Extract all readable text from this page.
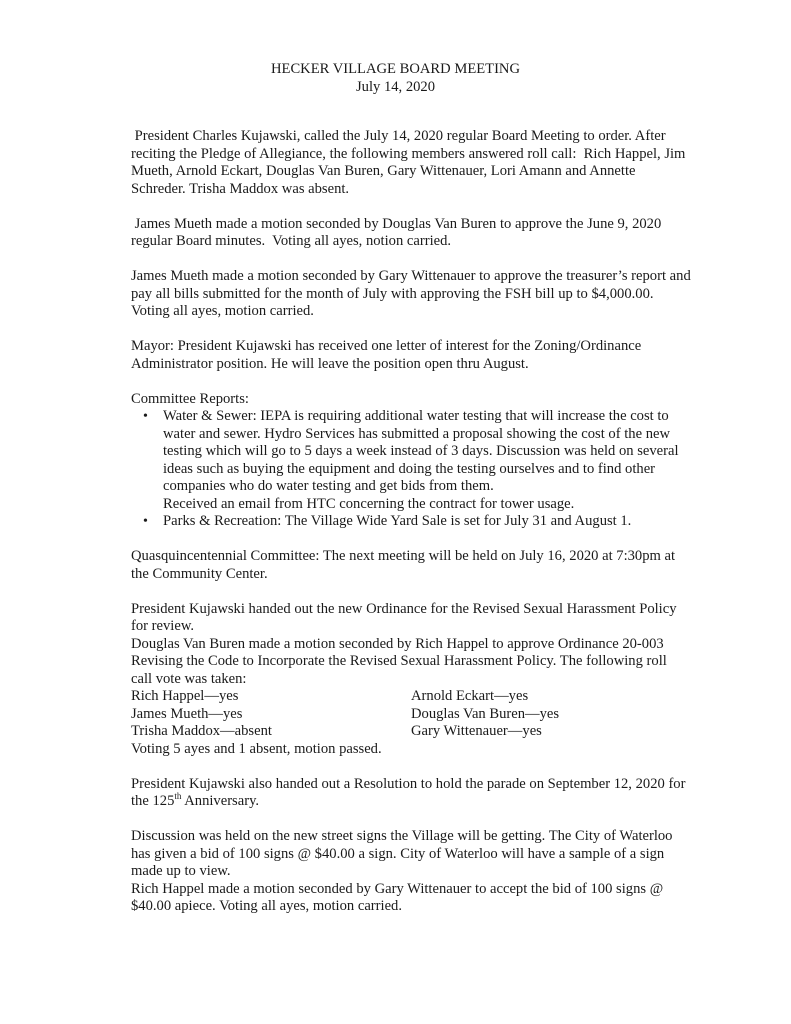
HECKER VILLAGE BOARD MEETING
July 14, 2020

President Charles Kujawski, called the July 14, 2020 regular Board Meeting to order. After reciting the Pledge of Allegiance, the following members answered roll call:  Rich Happel, Jim Mueth, Arnold Eckart, Douglas Van Buren, Gary Wittenauer, Lori Amann and Annette Schreder. Trisha Maddox was absent.

James Mueth made a motion seconded by Douglas Van Buren to approve the June 9, 2020 regular Board minutes.  Voting all ayes, notion carried.

James Mueth made a motion seconded by Gary Wittenauer to approve the treasurer’s report and pay all bills submitted for the month of July with approving the FSH bill up to $4,000.00. Voting all ayes, motion carried.

Mayor: President Kujawski has received one letter of interest for the Zoning/Ordinance Administrator position. He will leave the position open thru August.

Committee Reports:

• Water & Sewer: IEPA is requiring additional water testing that will increase the cost to water and sewer. Hydro Services has submitted a proposal showing the cost of the new testing which will go to 5 days a week instead of 3 days. Discussion was held on several ideas such as buying the equipment and doing the testing ourselves and to find other companies who do water testing and get bids from them.
Received an email from HTC concerning the contract for tower usage.
• Parks & Recreation: The Village Wide Yard Sale is set for July 31 and August 1.

Quasquincentennial Committee: The next meeting will be held on July 16, 2020 at 7:30pm at the Community Center.

President Kujawski handed out the new Ordinance for the Revised Sexual Harassment Policy for review.

Douglas Van Buren made a motion seconded by Rich Happel to approve Ordinance 20-003 Revising the Code to Incorporate the Revised Sexual Harassment Policy. The following roll call vote was taken:

Rich Happel—yes	Arnold Eckart—yes
James Mueth—yes	Douglas Van Buren—yes
Trisha Maddox—absent	Gary Wittenauer—yes

Voting 5 ayes and 1 absent, motion passed.

President Kujawski also handed out a Resolution to hold the parade on September 12, 2020 for the 125th Anniversary.

Discussion was held on the new street signs the Village will be getting. The City of Waterloo has given a bid of 100 signs @ $40.00 a sign. City of Waterloo will have a sample of a sign made up to view.

Rich Happel made a motion seconded by Gary Wittenauer to accept the bid of 100 signs @ $40.00 apiece. Voting all ayes, motion carried.
